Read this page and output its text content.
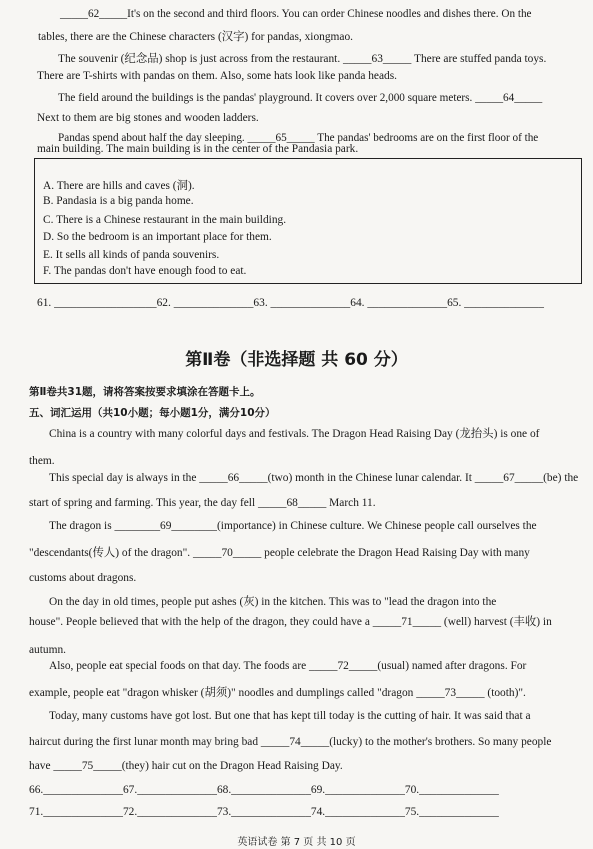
_____62_____It's on the second and third floors. You can order Chinese noodles and dishes there. On the
tables, there are the Chinese characters (汉字) for pandas, xiongmao.
The souvenir (纪念品) shop is just across from the restaurant. _____63_____ There are stuffed panda toys.
There are T-shirts with pandas on them. Also, some hats look like panda heads.
The field around the buildings is the pandas' playground. It covers over 2,000 square meters. _____64_____
Next to them are big stones and wooden ladders.
Pandas spend about half the day sleeping. _____65_____ The pandas' bedrooms are on the first floor of the
main building. The main building is in the center of the Pandasia park.
A. There are hills and caves (洞).
B. Pandasia is a big panda home.
C. There is a Chinese restaurant in the main building.
D. So the bedroom is an important place for them.
E. It sells all kinds of panda souvenirs.
F. The pandas don't have enough food to eat.
61. __________________62. ______________63. ______________64. ______________65. ______________
第Ⅱ卷（非选择题 共 60 分）
第Ⅱ卷共31题，请将答案按要求填涂在答题卡上。
五、词汇运用（共10小题；每小题1分，满分10分）
China is a country with many colorful days and festivals. The Dragon Head Raising Day (龙抬头) is one of
them.
This special day is always in the _____66_____(two) month in the Chinese lunar calendar. It _____67_____(be) the
start of spring and farming. This year, the day fell _____68_____ March 11.
The dragon is ________69________(importance) in Chinese culture. We Chinese people call ourselves the
"descendants(传人) of the dragon". _____70_____ people celebrate the Dragon Head Raising Day with many
customs about dragons.
On the day in old times, people put ashes (灰) in the kitchen. This was to "lead the dragon into the
house". People believed that with the help of the dragon, they could have a _____71_____ (well) harvest (丰收) in
autumn.
Also, people eat special foods on that day. The foods are _____72_____(usual) named after dragons. For
example, people eat "dragon whisker (胡须)" noodles and dumplings called "dragon _____73_____ (tooth)".
Today, many customs have got lost. But one that has kept till today is the cutting of hair. It was said that a
haircut during the first lunar month may bring bad _____74_____(lucky) to the mother's brothers. So many people
have _____75_____(they) hair cut on the Dragon Head Raising Day.
66.______________67.______________68.______________69.______________70.______________
71.______________72.______________73.______________74.______________75.______________
英语试卷 第 7 页 共 10 页
